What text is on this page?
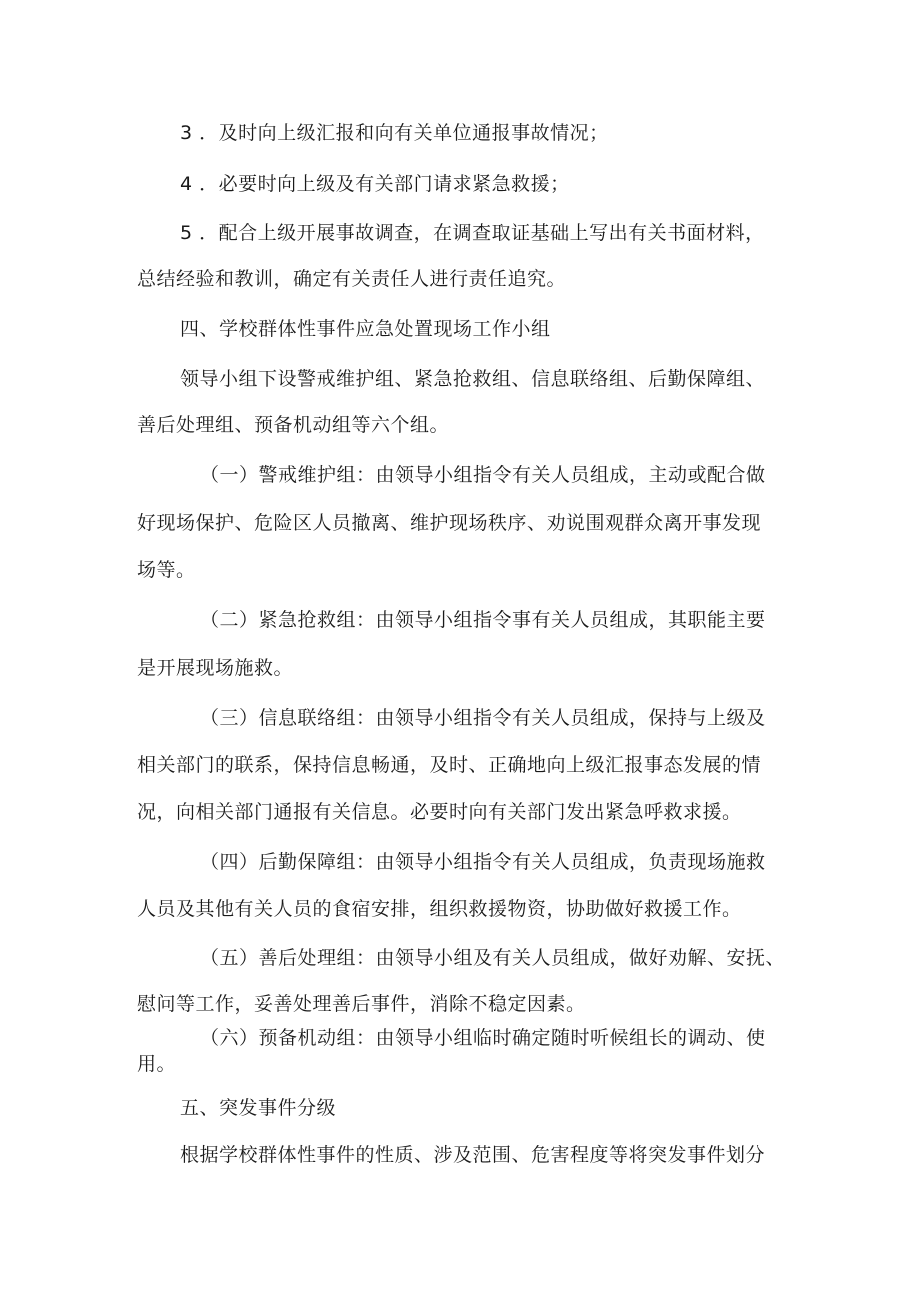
3 ．及时向上级汇报和向有关单位通报事故情况；
4 ．必要时向上级及有关部门请求紧急救援；
5 ．配合上级开展事故调查，在调查取证基础上写出有关书面材料，
总结经验和教训，确定有关责任人进行责任追究。
四、学校群体性事件应急处置现场工作小组
领导小组下设警戒维护组、紧急抢救组、信息联络组、后勤保障组、
善后处理组、预备机动组等六个组。
（一）警戒维护组：由领导小组指令有关人员组成，主动或配合做
好现场保护、危险区人员撤离、维护现场秩序、劝说围观群众离开事发现
场等。
（二）紧急抢救组：由领导小组指令事有关人员组成，其职能主要
是开展现场施救。
（三）信息联络组：由领导小组指令有关人员组成，保持与上级及
相关部门的联系，保持信息畅通，及时、正确地向上级汇报事态发展的情
况，向相关部门通报有关信息。必要时向有关部门发出紧急呼救求援。
（四）后勤保障组：由领导小组指令有关人员组成，负责现场施救
人员及其他有关人员的食宿安排，组织救援物资，协助做好救援工作。
（五）善后处理组：由领导小组及有关人员组成，做好劝解、安抚、
慰问等工作，妥善处理善后事件，消除不稳定因素。
（六）预备机动组：由领导小组临时确定随时听候组长的调动、使
用。
五、突发事件分级
根据学校群体性事件的性质、涉及范围、危害程度等将突发事件划分
